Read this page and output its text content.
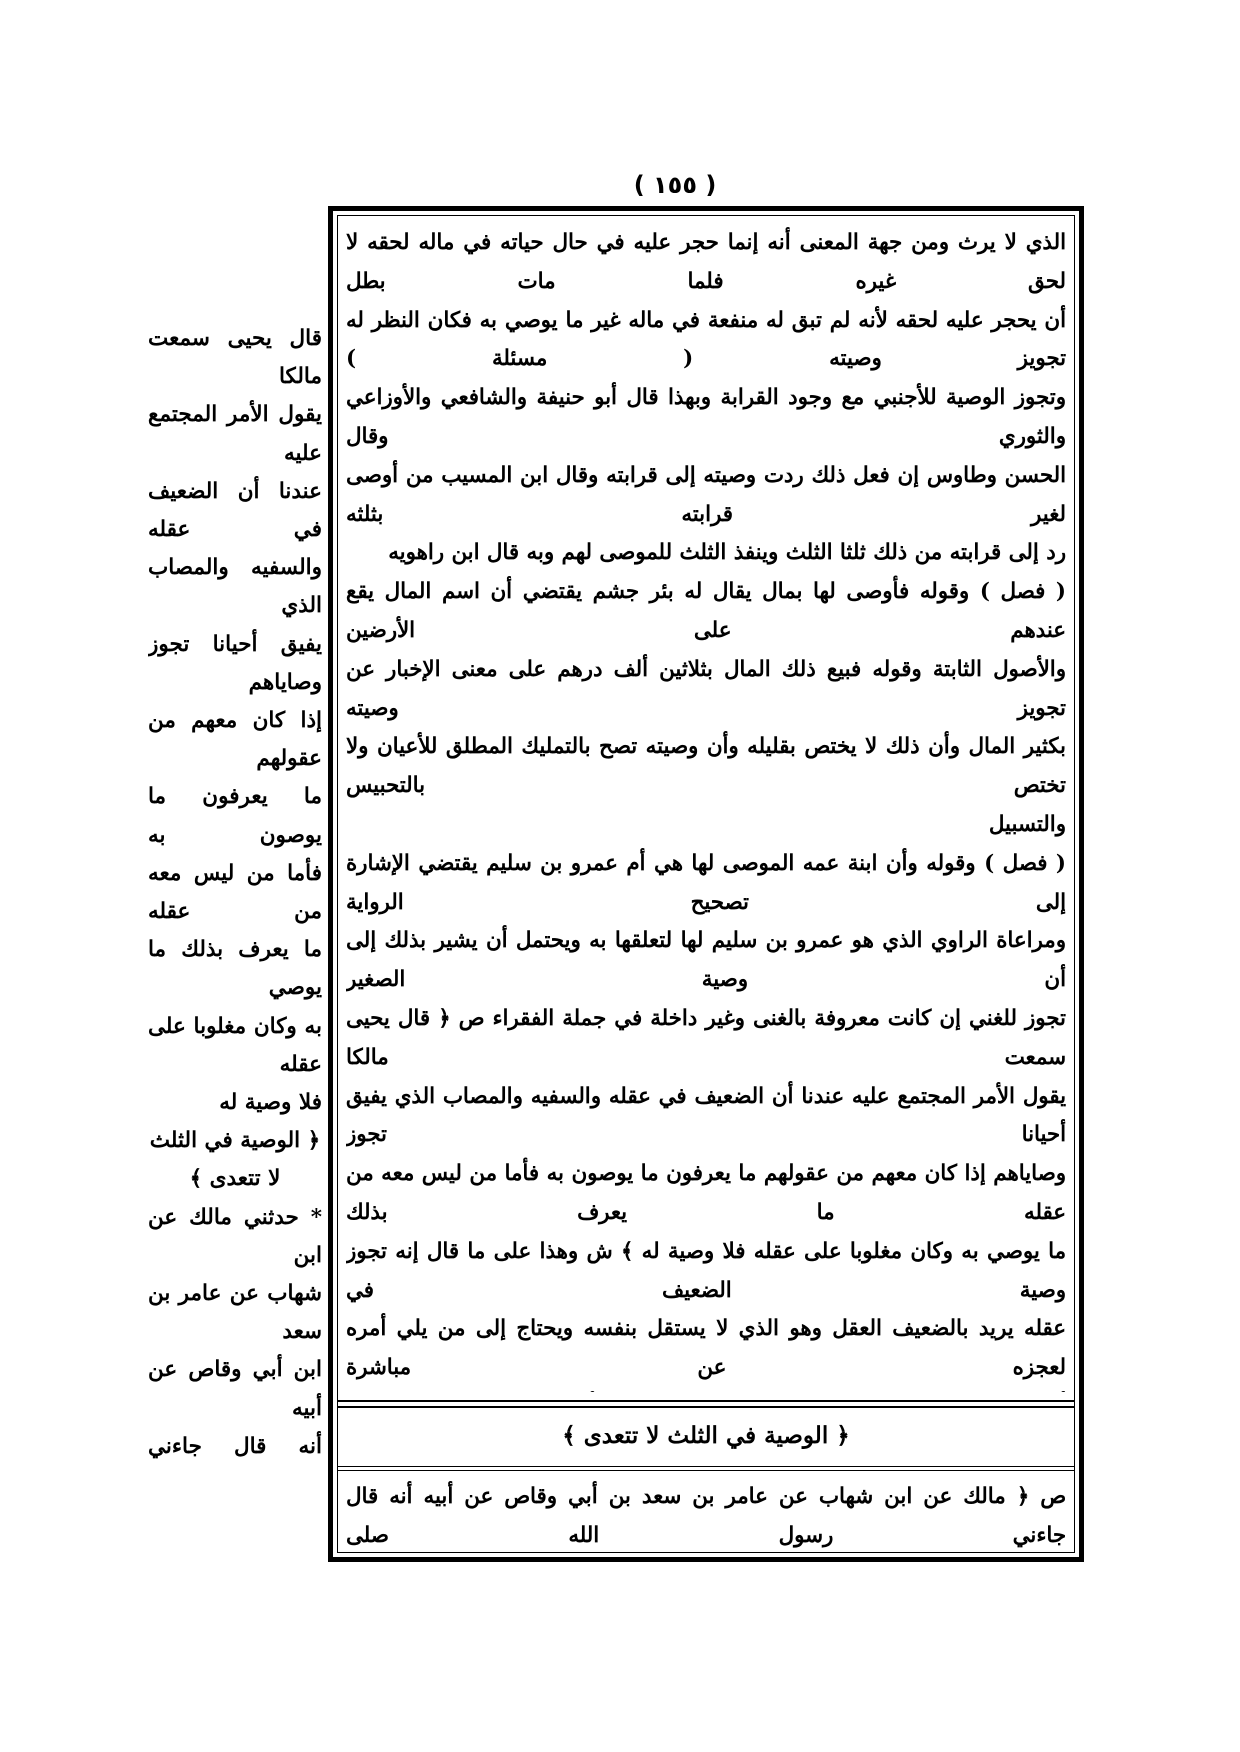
( ١٥٥ )

قال يحيى سمعت مالكا

يقول الأمر المجتمع عليه

عندنا أن الضعيف في عقله

والسفيه والمصاب الذي

يفيق أحيانا تجوز وصاياهم

إذا كان معهم من عقولهم

ما يعرفون ما يوصون به

فأما من ليس معه من عقله

ما يعرف بذلك ما يوصي

به وكان مغلوبا على عقله

فلا وصية له

﴿ الوصية في الثلث

لا تتعدى ﴾

* حدثني مالك عن ابن

شهاب عن عامر بن سعد

ابن أبي وقاص عن أبيه

أنه قال جاءني

الذي لا يرث ومن جهة المعنى أنه إنما حجر عليه في حال حياته في ماله لحقه لا لحق غيره فلما مات بطل

أن يحجر عليه لحقه لأنه لم تبق له منفعة في ماله غير ما يوصي به فكان النظر له تجويز وصيته ( مسئلة )

وتجوز الوصية للأجنبي مع وجود القرابة وبهذا قال أبو حنيفة والشافعي والأوزاعي والثوري وقال

الحسن وطاوس إن فعل ذلك ردت وصيته إلى قرابته وقال ابن المسيب من أوصى لغير قرابته بثلثه

رد إلى قرابته من ذلك ثلثا الثلث وينفذ الثلث للموصى لهم وبه قال ابن راهويه

( فصل ) وقوله فأوصى لها بمال يقال له بئر جشم يقتضي أن اسم المال يقع عندهم على الأرضين

والأصول الثابتة وقوله فبيع ذلك المال بثلاثين ألف درهم على معنى الإخبار عن تجويز وصيته

بكثير المال وأن ذلك لا يختص بقليله وأن وصيته تصح بالتمليك المطلق للأعيان ولا تختص بالتحبيس

والتسبيل

( فصل ) وقوله وأن ابنة عمه الموصى لها هي أم عمرو بن سليم يقتضي الإشارة إلى تصحيح الرواية

ومراعاة الراوي الذي هو عمرو بن سليم لها لتعلقها به ويحتمل أن يشير بذلك إلى أن وصية الصغير

تجوز للغني إن كانت معروفة بالغنى وغير داخلة في جملة الفقراء ص ﴿ قال يحيى سمعت مالكا

يقول الأمر المجتمع عليه عندنا أن الضعيف في عقله والسفيه والمصاب الذي يفيق أحيانا تجوز

وصاياهم إذا كان معهم من عقولهم ما يعرفون ما يوصون به فأما من ليس معه من عقله ما يعرف بذلك

ما يوصي به وكان مغلوبا على عقله فلا وصية له ﴾ ش وهذا على ما قال إنه تجوز وصية الضعيف في

عقله يريد بالضعيف العقل وهو الذي لا يستقل بنفسه ويحتاج إلى من يلي أمره لعجزه عن مباشرة

﴿ الوصية في الثلث لا تتعدى ﴾

ص ﴿ مالك عن ابن شهاب عن عامر بن سعد بن أبي وقاص عن أبيه أنه قال جاءني رسول الله صلى
